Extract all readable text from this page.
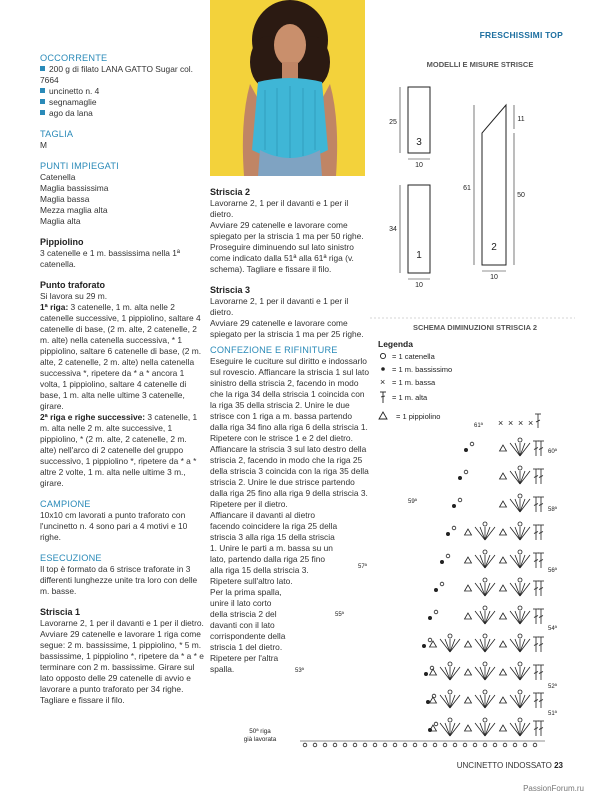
FRESCHISSIMI TOP

OCCORRENTE

200 g di filato LANA GATTO Sugar col. 7664

uncinetto n. 4

segnamaglie

ago da lana

TAGLIA

M

PUNTI IMPIEGATI

Catenella

Maglia bassissima

Maglia bassa

Mezza maglia alta

Maglia alta

Pippiolino

3 catenelle e 1 m. bassissima nella 1ª catenella.

Punto traforato

Si lavora su 29 m.

1ª riga: 3 catenelle, 1 m. alta nelle 2 catenelle successive, 1 pippiolino, saltare 4 catenelle di base, (2 m. alte, 2 catenelle, 2 m. alte) nella catenella successiva, * 1 pippiolino, saltare 6 catenelle di base, (2 m. alte, 2 catenelle, 2 m. alte) nella catenella successiva *, ripetere da * a * ancora 1 volta, 1 pippiolino, saltare 4 catenelle di base, 1 m. alta nelle ultime 3 catenelle, girare.

2ª riga e righe successive: 3 catenelle, 1 m. alta nelle 2 m. alte successive, 1 pippiolino, * (2 m. alte, 2 catenelle, 2 m. alte) nell'arco di 2 catenelle del gruppo successivo, 1 pippiolino *, ripetere da * a * altre 2 volte, 1 m. alta nelle ultime 3 m., girare.

CAMPIONE

10x10 cm lavorati a punto traforato con l'uncinetto n. 4 sono pari a 4 motivi e 10 righe.

ESECUZIONE

Il top è formato da 6 strisce traforate in 3 differenti lunghezze unite tra loro con delle m. basse.

Striscia 1

Lavorarne 2, 1 per il davanti e 1 per il dietro.

Avviare 29 catenelle e lavorare 1 riga come segue: 2 m. bassissime, 1 pippiolino, * 5 m. bassissime, 1 pippiolino *, ripetere da * a * e terminare con 2 m. bassissime. Girare sul lato opposto delle 29 catenelle di avvio e lavorare a punto traforato per 34 righe. Tagliare e fissare il filo.

Striscia 2

Lavorarne 2, 1 per il davanti e 1 per il dietro.

Avviare 29 catenelle e lavorare come spiegato per la striscia 1 ma per 50 righe. Proseguire diminuendo sul lato sinistro come indicato dalla 51ª alla 61ª riga (v. schema). Tagliare e fissare il filo.

Striscia 3

Lavorarne 2, 1 per il davanti e 1 per il dietro.

Avviare 29 catenelle e lavorare come spiegato per la striscia 1 ma per 25 righe.

CONFEZIONE E RIFINITURE

Eseguire le cuciture sul diritto e indossarlo sul rovescio. Affiancare la striscia 1 sul lato sinistro della striscia 2, facendo in modo che la riga 34 della striscia 1 coincida con la riga 35 della striscia 2. Unire le due strisce con 1 riga a m. bassa partendo dalla riga 34 fino alla riga 6 della striscia 1. Ripetere con le strisce 1 e 2 del dietro.

Affiancare la striscia 3 sul lato destro della striscia 2, facendo in modo che la riga 25 della striscia 3 coincida con la riga 35 della striscia 2. Unire le due strisce partendo dalla riga 25 fino alla riga 9 della striscia 3. Ripetere per il dietro.

Affiancare il davanti al dietro facendo coincidere la riga 25 della striscia 3 alla riga 15 della striscia 1. Unire le parti a m. bassa su un lato, partendo dalla riga 25 fino alla riga 15 della striscia 3. Ripetere sull'altro lato.

Per la prima spalla, unire il lato corto della striscia 2 del davanti con il lato corrispondente della striscia 1 del dietro. Ripetere per l'altra spalla.

MODELLI E MISURE STRISCE
25
10
3
34
10
1
61
50
11
10
2
SCHEMA DIMINUZIONI STRISCIA 2
Legenda
= 1 catenella
= 1 m. bassissimo
× = 1 m. bassa
= 1 m. alta
= 1 pippiolino
61ª
60ª
59ª
58ª
57ª
56ª
55ª
54ª
53ª
52ª
51ª
× × × ×
50ª riga
già lavorata
UNCINETTO INDOSSATO 23
PassionForum.ru
